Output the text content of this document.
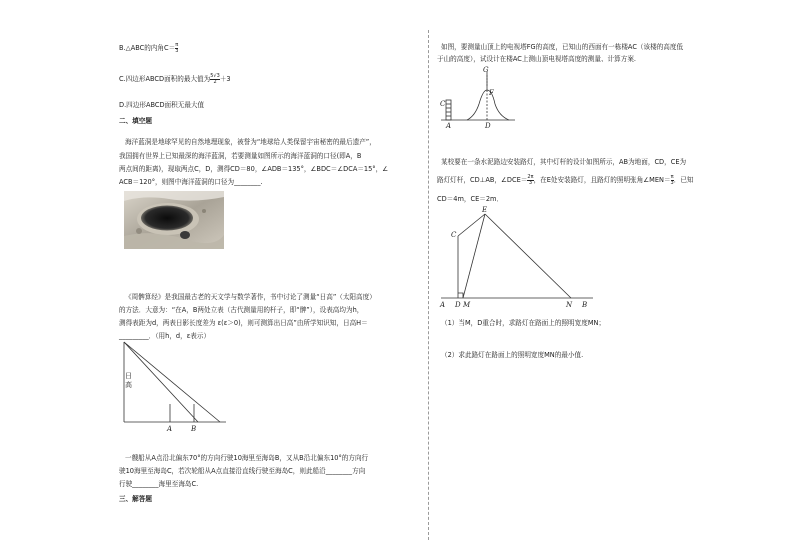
B.△ABC的内角$C= \frac{\pi}{3}$
C.四边形ABCD面积的最大值为 $\frac{5√3}{2} +3$
D.四边形ABCD面积无最大值
二、填空题
海洋蓝洞是地球罕见的自然地理现象，被誉为“地球给人类保留宇宙秘密的最后遗产”，
我国拥有世界上已知最深的海洋蓝洞，若要测量如图所示的海洋蓝洞的口径(即A，B
两点间的距离)，现取两点C，D，测得CD＝80，∠ADB＝135°，∠BDC＝∠DCA＝15°，∠
ACB＝120°，则图中海洋蓝洞的口径为________.
《周髀算经》是我国最古老的天文学与数学著作，书中讨论了测量“日高”（太阳高度）
的方法．大意为：“在A，B两处立表（古代测量用的杆子，即“髀”），设表高均为h，
测得表距为d，两表日影长度差为 ε(ε＞0)，则可测算出日高”由所学知识知，日高H＝
_________．（用h，d，ε表示）
A	B
日高
一艘船从A点沿北偏东70°的方向行驶10海里至海岛B，又从B沿北偏东10°的方向行
驶10海里至海岛C，若次轮船从A点直接沿直线行驶至海岛C，则此船沿________方向
行驶________海里至海岛C.
三、解答题
如图，要测量山顶上的电视塔FG的高度，已知山的西面有一栋楼AC（该楼的高度低
于山的高度），试设计在楼AC上测山顶电视塔高度的测量、计算方案.
G
F
C
A	D
某校要在一条水泥路边安装路灯，其中灯杆的设计如图所示，AB为地面，CD，CE为
路灯灯杆，CD⊥AB，∠DCE＝ $\frac{2\pi}{3}$ ，在E处安装路灯，且路灯的照明张角∠MEN＝ $\frac{\pi}{3}$ ．已知
CD＝4m，CE＝2m．
E
C
A D M	N B
（1）当M，D重合时，求路灯在路面上的照明宽度MN；
（2）求此路灯在路面上的照明宽度MN的最小值.
